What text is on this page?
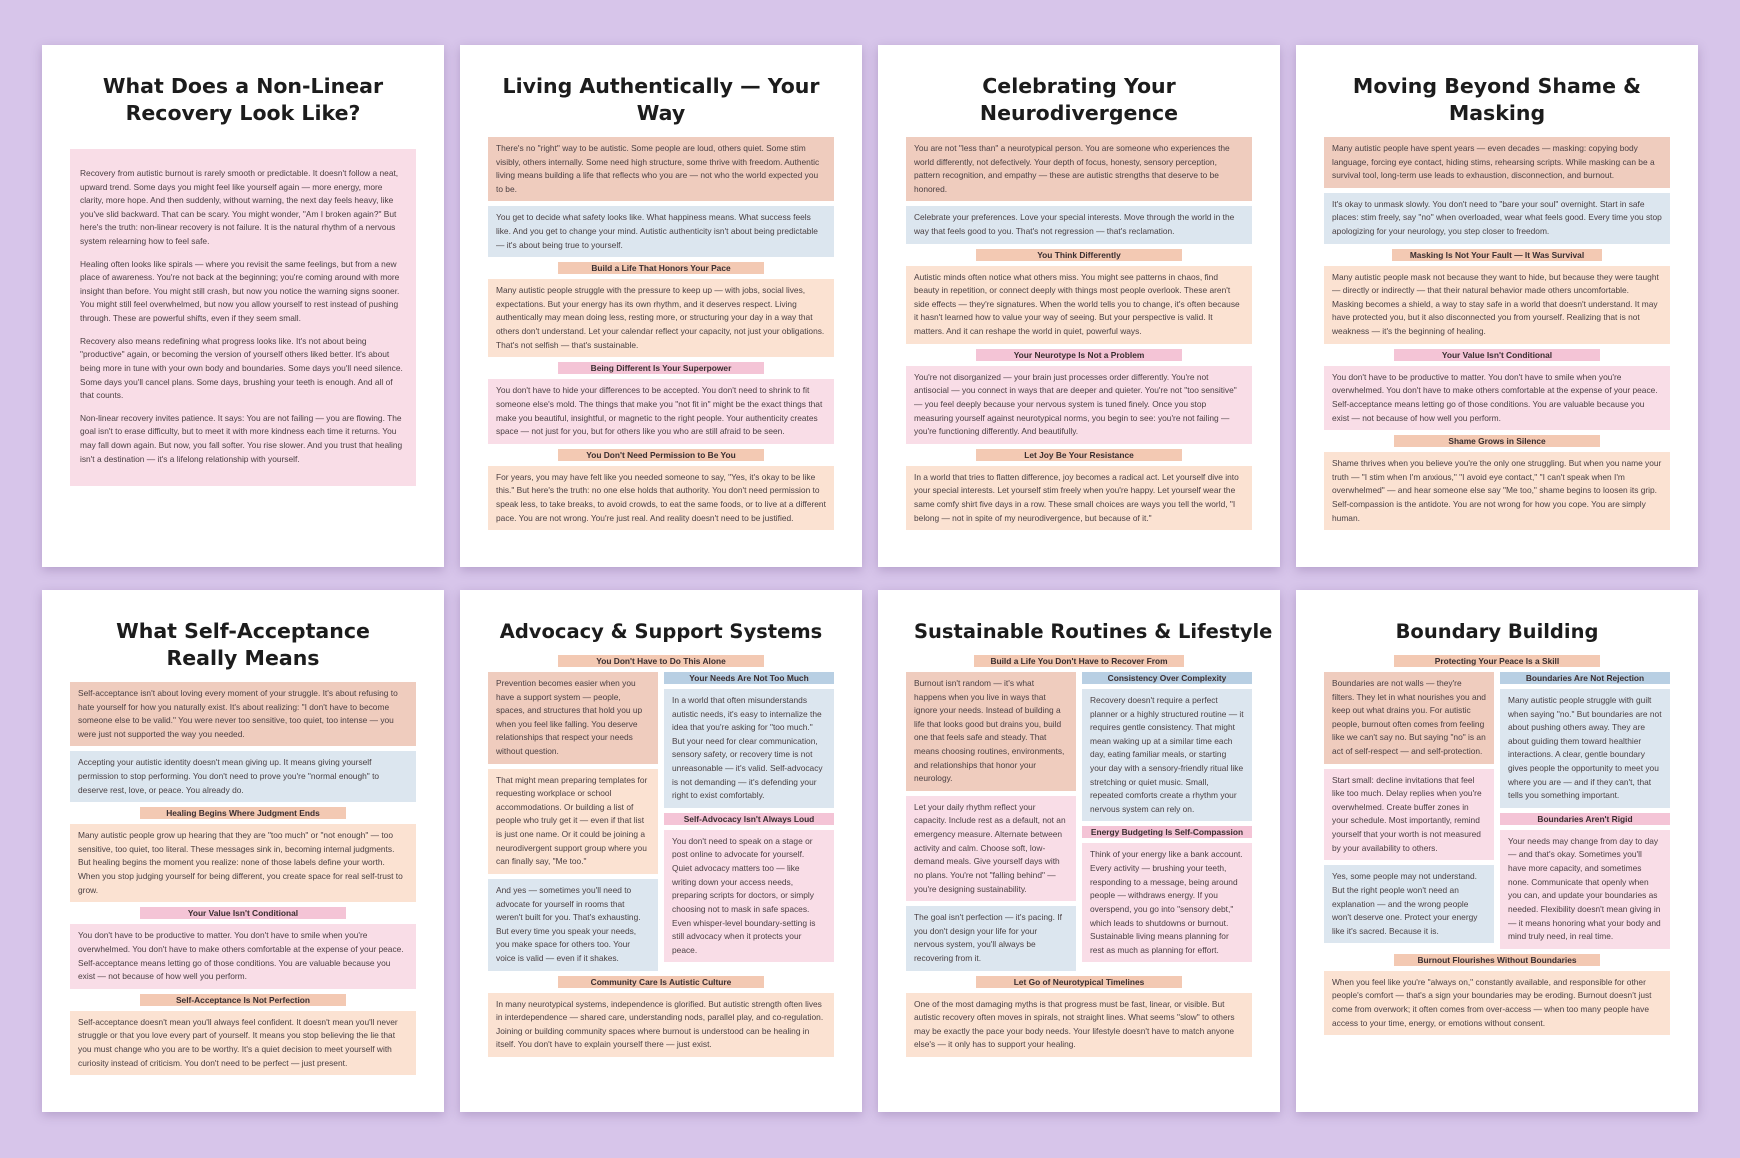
What Does a Non-Linear Recovery Look Like?

Recovery from autistic burnout is rarely smooth or predictable. It doesn't follow a neat, upward trend. Some days you might feel like yourself again — more energy, more clarity, more hope. And then suddenly, without warning, the next day feels heavy, like you've slid backward. That can be scary. You might wonder, "Am I broken again?" But here's the truth: non-linear recovery is not failure. It is the natural rhythm of a nervous system relearning how to feel safe.

Healing often looks like spirals — where you revisit the same feelings, but from a new place of awareness. You're not back at the beginning; you're coming around with more insight than before. You might still crash, but now you notice the warning signs sooner. You might still feel overwhelmed, but now you allow yourself to rest instead of pushing through. These are powerful shifts, even if they seem small.

Recovery also means redefining what progress looks like. It's not about being "productive" again, or becoming the version of yourself others liked better. It's about being more in tune with your own body and boundaries. Some days you'll need silence. Some days you'll cancel plans. Some days, brushing your teeth is enough. And all of that counts.

Non-linear recovery invites patience. It says: You are not failing — you are flowing. The goal isn't to erase difficulty, but to meet it with more kindness each time it returns. You may fall down again. But now, you fall softer. You rise slower. And you trust that healing isn't a destination — it's a lifelong relationship with yourself.

Living Authentically — Your Way
There's no "right" way to be autistic. Some people are loud, others quiet. Some stim visibly, others internally. Some need high structure, some thrive with freedom. Authentic living means building a life that reflects who you are — not who the world expected you to be.
You get to decide what safety looks like. What happiness means. What success feels like. And you get to change your mind. Autistic authenticity isn't about being predictable — it's about being true to yourself.
Build a Life That Honors Your Pace
Many autistic people struggle with the pressure to keep up — with jobs, social lives, expectations. But your energy has its own rhythm, and it deserves respect. Living authentically may mean doing less, resting more, or structuring your day in a way that others don't understand. Let your calendar reflect your capacity, not just your obligations. That's not selfish — that's sustainable.
Being Different Is Your Superpower
You don't have to hide your differences to be accepted. You don't need to shrink to fit someone else's mold. The things that make you "not fit in" might be the exact things that make you beautiful, insightful, or magnetic to the right people. Your authenticity creates space — not just for you, but for others like you who are still afraid to be seen.
You Don't Need Permission to Be You
For years, you may have felt like you needed someone to say, "Yes, it's okay to be like this." But here's the truth: no one else holds that authority. You don't need permission to speak less, to take breaks, to avoid crowds, to eat the same foods, or to live at a different pace. You are not wrong. You're just real. And reality doesn't need to be justified.
Celebrating Your Neurodivergence
You are not "less than" a neurotypical person. You are someone who experiences the world differently, not defectively. Your depth of focus, honesty, sensory perception, pattern recognition, and empathy — these are autistic strengths that deserve to be honored.
Celebrate your preferences. Love your special interests. Move through the world in the way that feels good to you. That's not regression — that's reclamation.
You Think Differently
Autistic minds often notice what others miss. You might see patterns in chaos, find beauty in repetition, or connect deeply with things most people overlook. These aren't side effects — they're signatures. When the world tells you to change, it's often because it hasn't learned how to value your way of seeing. But your perspective is valid. It matters. And it can reshape the world in quiet, powerful ways.
Your Neurotype Is Not a Problem
You're not disorganized — your brain just processes order differently. You're not antisocial — you connect in ways that are deeper and quieter. You're not "too sensitive" — you feel deeply because your nervous system is tuned finely. Once you stop measuring yourself against neurotypical norms, you begin to see: you're not failing — you're functioning differently. And beautifully.
Let Joy Be Your Resistance
In a world that tries to flatten difference, joy becomes a radical act. Let yourself dive into your special interests. Let yourself stim freely when you're happy. Let yourself wear the same comfy shirt five days in a row. These small choices are ways you tell the world, "I belong — not in spite of my neurodivergence, but because of it."
Moving Beyond Shame & Masking
Many autistic people have spent years — even decades — masking: copying body language, forcing eye contact, hiding stims, rehearsing scripts. While masking can be a survival tool, long-term use leads to exhaustion, disconnection, and burnout.
It's okay to unmask slowly. You don't need to "bare your soul" overnight. Start in safe places: stim freely, say "no" when overloaded, wear what feels good. Every time you stop apologizing for your neurology, you step closer to freedom.
Masking Is Not Your Fault — It Was Survival
Many autistic people mask not because they want to hide, but because they were taught — directly or indirectly — that their natural behavior made others uncomfortable. Masking becomes a shield, a way to stay safe in a world that doesn't understand. It may have protected you, but it also disconnected you from yourself. Realizing that is not weakness — it's the beginning of healing.
Your Value Isn't Conditional
You don't have to be productive to matter. You don't have to smile when you're overwhelmed. You don't have to make others comfortable at the expense of your peace. Self-acceptance means letting go of those conditions. You are valuable because you exist — not because of how well you perform.
Shame Grows in Silence
Shame thrives when you believe you're the only one struggling. But when you name your truth — "I stim when I'm anxious," "I avoid eye contact," "I can't speak when I'm overwhelmed" — and hear someone else say "Me too," shame begins to loosen its grip. Self-compassion is the antidote. You are not wrong for how you cope. You are simply human.
What Self-Acceptance Really Means
Self-acceptance isn't about loving every moment of your struggle. It's about refusing to hate yourself for how you naturally exist. It's about realizing: "I don't have to become someone else to be valid." You were never too sensitive, too quiet, too intense — you were just not supported the way you needed.
Accepting your autistic identity doesn't mean giving up. It means giving yourself permission to stop performing. You don't need to prove you're "normal enough" to deserve rest, love, or peace. You already do.
Healing Begins Where Judgment Ends
Many autistic people grow up hearing that they are "too much" or "not enough" — too sensitive, too quiet, too literal. These messages sink in, becoming internal judgments. But healing begins the moment you realize: none of those labels define your worth. When you stop judging yourself for being different, you create space for real self-trust to grow.
Your Value Isn't Conditional
You don't have to be productive to matter. You don't have to smile when you're overwhelmed. You don't have to make others comfortable at the expense of your peace. Self-acceptance means letting go of those conditions. You are valuable because you exist — not because of how well you perform.
Self-Acceptance Is Not Perfection
Self-acceptance doesn't mean you'll always feel confident. It doesn't mean you'll never struggle or that you love every part of yourself. It means you stop believing the lie that you must change who you are to be worthy. It's a quiet decision to meet yourself with curiosity instead of criticism. You don't need to be perfect — just present.
Advocacy & Support Systems
You Don't Have to Do This Alone
Prevention becomes easier when you have a support system — people, spaces, and structures that hold you up when you feel like falling. You deserve relationships that respect your needs without question.
That might mean preparing templates for requesting workplace or school accommodations. Or building a list of people who truly get it — even if that list is just one name. Or it could be joining a neurodivergent support group where you can finally say, "Me too."
And yes — sometimes you'll need to advocate for yourself in rooms that weren't built for you. That's exhausting. But every time you speak your needs, you make space for others too. Your voice is valid — even if it shakes.
Your Needs Are Not Too Much
In a world that often misunderstands autistic needs, it's easy to internalize the idea that you're asking for "too much." But your need for clear communication, sensory safety, or recovery time is not unreasonable — it's valid. Self-advocacy is not demanding — it's defending your right to exist comfortably.
Self-Advocacy Isn't Always Loud
You don't need to speak on a stage or post online to advocate for yourself. Quiet advocacy matters too — like writing down your access needs, preparing scripts for doctors, or simply choosing not to mask in safe spaces. Even whisper-level boundary-setting is still advocacy when it protects your peace.
Community Care Is Autistic Culture
In many neurotypical systems, independence is glorified. But autistic strength often lives in interdependence — shared care, understanding nods, parallel play, and co-regulation. Joining or building community spaces where burnout is understood can be healing in itself. You don't have to explain yourself there — just exist.
Sustainable Routines & Lifestyle
Build a Life You Don't Have to Recover From
Burnout isn't random — it's what happens when you live in ways that ignore your needs. Instead of building a life that looks good but drains you, build one that feels safe and steady. That means choosing routines, environments, and relationships that honor your neurology.
Let your daily rhythm reflect your capacity. Include rest as a default, not an emergency measure. Alternate between activity and calm. Choose soft, low-demand meals. Give yourself days with no plans. You're not "falling behind" — you're designing sustainability.
The goal isn't perfection — it's pacing. If you don't design your life for your nervous system, you'll always be recovering from it.
Consistency Over Complexity
Recovery doesn't require a perfect planner or a highly structured routine — it requires gentle consistency. That might mean waking up at a similar time each day, eating familiar meals, or starting your day with a sensory-friendly ritual like stretching or quiet music. Small, repeated comforts create a rhythm your nervous system can rely on.
Energy Budgeting Is Self-Compassion
Think of your energy like a bank account. Every activity — brushing your teeth, responding to a message, being around people — withdraws energy. If you overspend, you go into "sensory debt," which leads to shutdowns or burnout. Sustainable living means planning for rest as much as planning for effort.
Let Go of Neurotypical Timelines
One of the most damaging myths is that progress must be fast, linear, or visible. But autistic recovery often moves in spirals, not straight lines. What seems "slow" to others may be exactly the pace your body needs. Your lifestyle doesn't have to match anyone else's — it only has to support your healing.
Boundary Building
Protecting Your Peace Is a Skill
Boundaries are not walls — they're filters. They let in what nourishes you and keep out what drains you. For autistic people, burnout often comes from feeling like we can't say no. But saying "no" is an act of self-respect — and self-protection.
Start small: decline invitations that feel like too much. Delay replies when you're overwhelmed. Create buffer zones in your schedule. Most importantly, remind yourself that your worth is not measured by your availability to others.
Yes, some people may not understand. But the right people won't need an explanation — and the wrong people won't deserve one. Protect your energy like it's sacred. Because it is.
Boundaries Are Not Rejection
Many autistic people struggle with guilt when saying "no." But boundaries are not about pushing others away. They are about guiding them toward healthier interactions. A clear, gentle boundary gives people the opportunity to meet you where you are — and if they can't, that tells you something important.
Boundaries Aren't Rigid
Your needs may change from day to day — and that's okay. Sometimes you'll have more capacity, and sometimes none. Communicate that openly when you can, and update your boundaries as needed. Flexibility doesn't mean giving in — it means honoring what your body and mind truly need, in real time.
Burnout Flourishes Without Boundaries
When you feel like you're "always on," constantly available, and responsible for other people's comfort — that's a sign your boundaries may be eroding. Burnout doesn't just come from overwork; it often comes from over-access — when too many people have access to your time, energy, or emotions without consent.
